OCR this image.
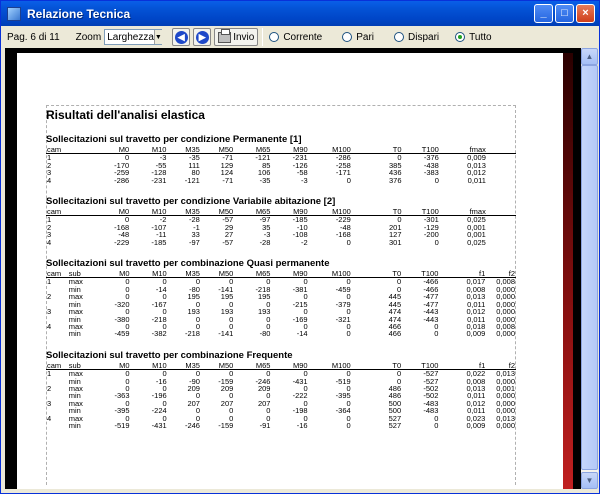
Relazione Tecnica	_	□	×
Pag. 6 di 11 Zoom Larghezza ▼	◀	▶	Invio	Corrente	Pari	Dispari	Tutto
Risultati dell'analisi elastica
Sollecitazioni sul travetto per condizione Permanente [1]
cam		M0	M10	M35	M50	M65	M90	M100	T0	T100	fmax	
1		0	-3	-35	-71	-121	-231	-286	0	-376	0,009	
2		-170	-55	111	129	85	-126	-258	385	-438	0,013	
3		-259	-128	80	124	106	-58	-171	436	-383	0,012	
4		-286	-231	-121	-71	-35	-3	0	376	0	0,011	
Sollecitazioni sul travetto per condizione Variabile abitazione [2]
cam		M0	M10	M35	M50	M65	M90	M100	T0	T100	fmax	
1		0	-2	-28	-57	-97	-185	-229	0	-301	0,025	
2		-168	-107	-1	29	35	-10	-48	201	-129	0,001	
3		-48	-11	33	27	-3	-108	-168	127	-200	0,001	
4		-229	-185	-97	-57	-28	-2	0	301	0	0,025	
Sollecitazioni sul travetto per combinazione Quasi permanente
cam	sub	M0	M10	M35	M50	M65	M90	M100	T0	T100	f1	f2
1	max	0	0	0	0	0	0	0	0	-466	0,017	0,008
	min	0	-14	-80	-141	-218	-381	-459	0	-466	0,008	0,000
2	max	0	0	195	195	195	0	0	445	-477	0,013	0,000
	min	-320	-167	0	0	0	-215	-379	445	-477	0,011	0,000
3	max	0	0	193	193	193	0	0	474	-443	0,012	0,000
	min	-380	-218	0	0	0	-169	-321	474	-443	0,011	0,000
4	max	0	0	0	0	0	0	0	466	0	0,018	0,008
	min	-459	-382	-218	-141	-80	-14	0	466	0	0,009	0,000
Sollecitazioni sul travetto per combinazione Frequente
cam	sub	M0	M10	M35	M50	M65	M90	M100	T0	T100	f1	f2
1	max	0	0	0	0	0	0	0	0	-527	0,022	0,013
	min	0	-16	-90	-159	-246	-431	-519	0	-527	0,008	0,000
2	max	0	0	209	209	209	0	0	486	-502	0,013	0,001
	min	-363	-196	0	0	0	-222	-395	486	-502	0,011	0,000
3	max	0	0	207	207	207	0	0	500	-483	0,012	0,000
	min	-395	-224	0	0	0	-198	-364	500	-483	0,011	0,000
4	max	0	0	0	0	0	0	0	527	0	0,023	0,013
	min	-519	-431	-246	-159	-91	-16	0	527	0	0,009	0,000
▲
▼
